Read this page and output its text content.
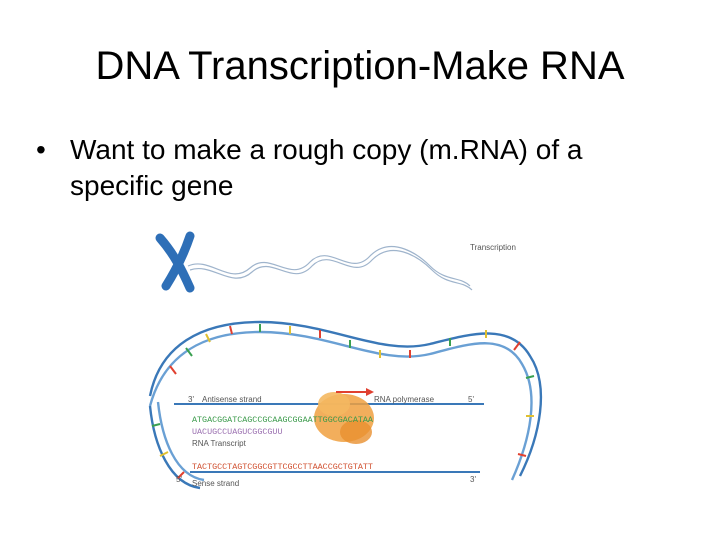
DNA Transcription-Make RNA
• Want to make a rough copy (m.RNA) of a specific gene
Transcription
3' Antisense strand	RNA polymerase	5'
ATGACGGATCAGCCGCAAGCGGAATTGGCGACATAA
UACUGCCUAGUCGGCGUU
RNA Transcript
TACTGCCTAGTCGGCGTTCGCCTTAACCGCTGTATT
5' Sense strand	3'
